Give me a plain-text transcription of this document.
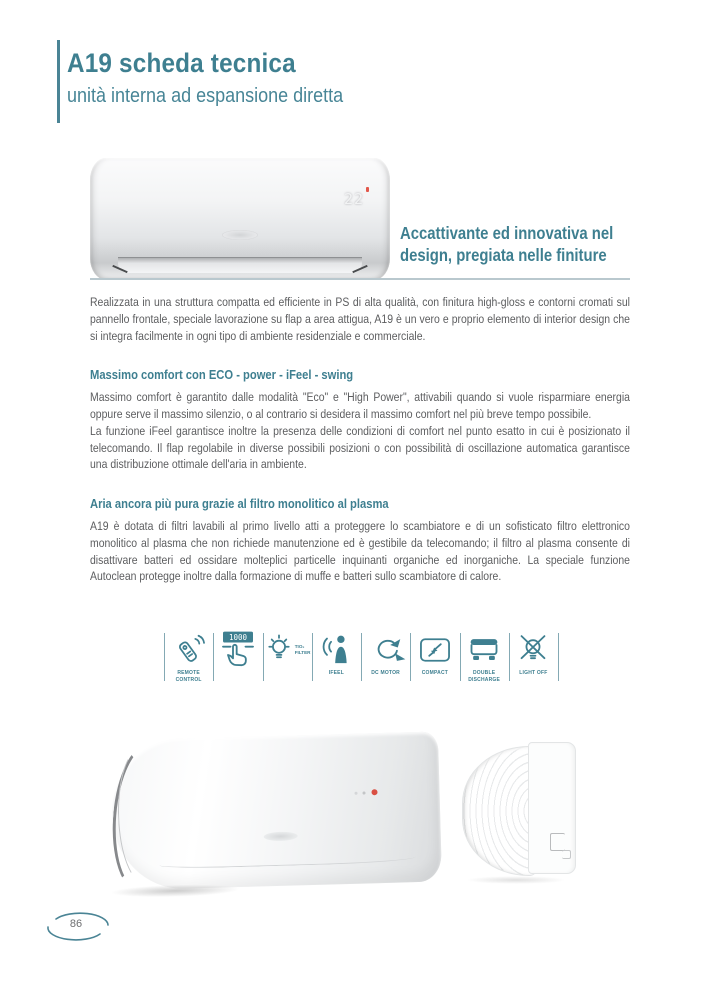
A19 scheda tecnica
unità interna ad espansione diretta
22
Accattivante ed innovativa nel design, pregiata nelle finiture

Realizzata in una struttura compatta ed efficiente in PS di alta qualità, con finitura high-gloss e contorni cromati sul pannello frontale, speciale lavorazione su flap a area attigua, A19 è un vero e proprio elemento di interior design che si integra facilmente in ogni tipo di ambiente residenziale e commerciale.

Massimo comfort con ECO - power - iFeel - swing

Massimo comfort è garantito dalle modalità "Eco" e "High Power", attivabili quando si vuole risparmiare energia oppure serve il massimo silenzio, o al contrario si desidera il massimo comfort nel più breve tempo possibile.

La funzione iFeel garantisce inoltre la presenza delle condizioni di comfort nel punto esatto in cui è posizionato il telecomando. Il flap regolabile in diverse possibili posizioni o con possibilità di oscillazione automatica garantisce una distribuzione ottimale dell'aria in ambiente.

Aria ancora più pura grazie al filtro monolitico al plasma

A19 è dotata di filtri lavabili al primo livello atti a proteggere lo scambiatore e di un sofisticato filtro elettronico monolitico al plasma che non richiede manutenzione ed è gestibile da telecomando; il filtro al plasma consente di disattivare batteri ed ossidare molteplici particelle inquinanti organiche ed inorganiche. La speciale funzione Autoclean protegge inoltre dalla formazione di muffe e batteri sullo scambiatore di calore.

REMOTE CONTROL
1000
TIO₂
FILTER
IFEEL	DC MOTOR	COMPACT	DOUBLE DISCHARGE
LIGHT OFF
86
